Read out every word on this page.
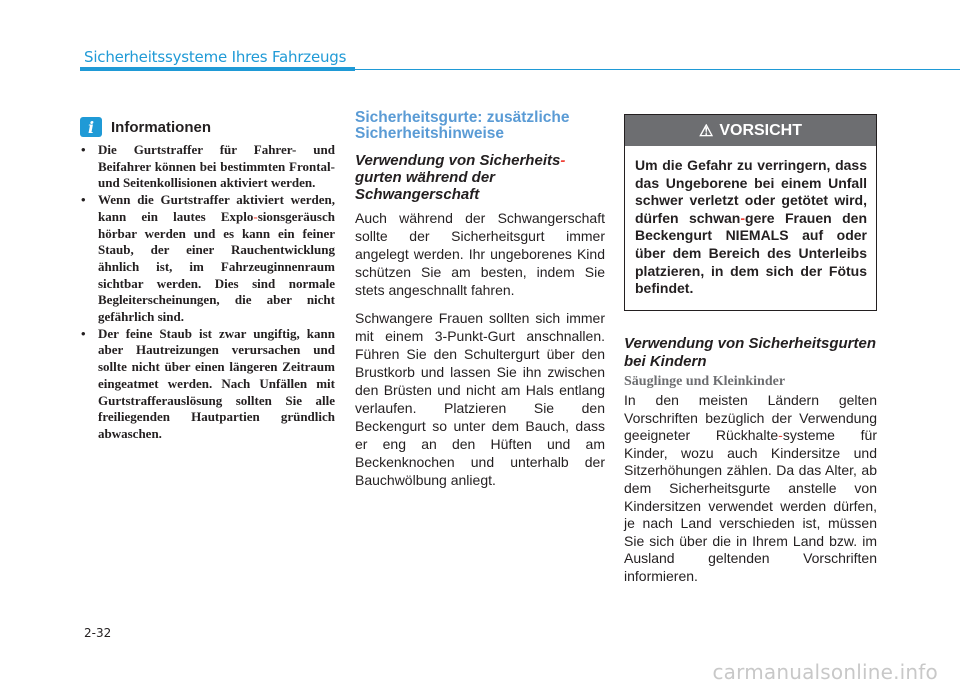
Sicherheitssysteme Ihres Fahrzeugs
i	Informationen
• Die Gurtstraffer für Fahrer- und Beifahrer können bei bestimmten Frontal- und Seitenkollisionen aktiviert werden.
• Wenn die Gurtstraffer aktiviert werden, kann ein lautes Explo-sionsgeräusch hörbar werden und es kann ein feiner Staub, der einer Rauchentwicklung ähnlich ist, im Fahrzeuginnenraum sichtbar werden. Dies sind normale Begleiterscheinungen, die aber nicht gefährlich sind.
• Der feine Staub ist zwar ungiftig, kann aber Hautreizungen verursachen und sollte nicht über einen längeren Zeitraum eingeatmet werden. Nach Unfällen mit Gurtstrafferauslösung sollten Sie alle freiliegenden Hautpartien gründlich abwaschen.
Sicherheitsgurte: zusätzliche Sicherheitshinweise
Verwendung von Sicherheits-gurten während der Schwangerschaft

Auch während der Schwangerschaft sollte der Sicherheitsgurt immer angelegt werden. Ihr ungeborenes Kind schützen Sie am besten, indem Sie stets angeschnallt fahren.

Schwangere Frauen sollten sich immer mit einem 3-Punkt-Gurt anschnallen. Führen Sie den Schultergurt über den Brustkorb und lassen Sie ihn zwischen den Brüsten und nicht am Hals entlang verlaufen. Platzieren Sie den Beckengurt so unter dem Bauch, dass er eng an den Hüften und am Beckenknochen und unterhalb der Bauchwölbung anliegt.

⚠ VORSICHT
Um die Gefahr zu verringern, dass das Ungeborene bei einem Unfall schwer verletzt oder getötet wird, dürfen schwan-gere Frauen den Beckengurt NIEMALS auf oder über dem Bereich des Unterleibs platzieren, in dem sich der Fötus befindet.
Verwendung von Sicherheitsgurten bei Kindern
Säuglinge und Kleinkinder

In den meisten Ländern gelten Vorschriften bezüglich der Verwendung geeigneter Rückhalte-systeme für Kinder, wozu auch Kindersitze und Sitzerhöhungen zählen. Da das Alter, ab dem Sicherheitsgurte anstelle von Kindersitzen verwendet werden dürfen, je nach Land verschieden ist, müssen Sie sich über die in Ihrem Land bzw. im Ausland geltenden Vorschriften informieren.

2-32
carmanualsonline.info
